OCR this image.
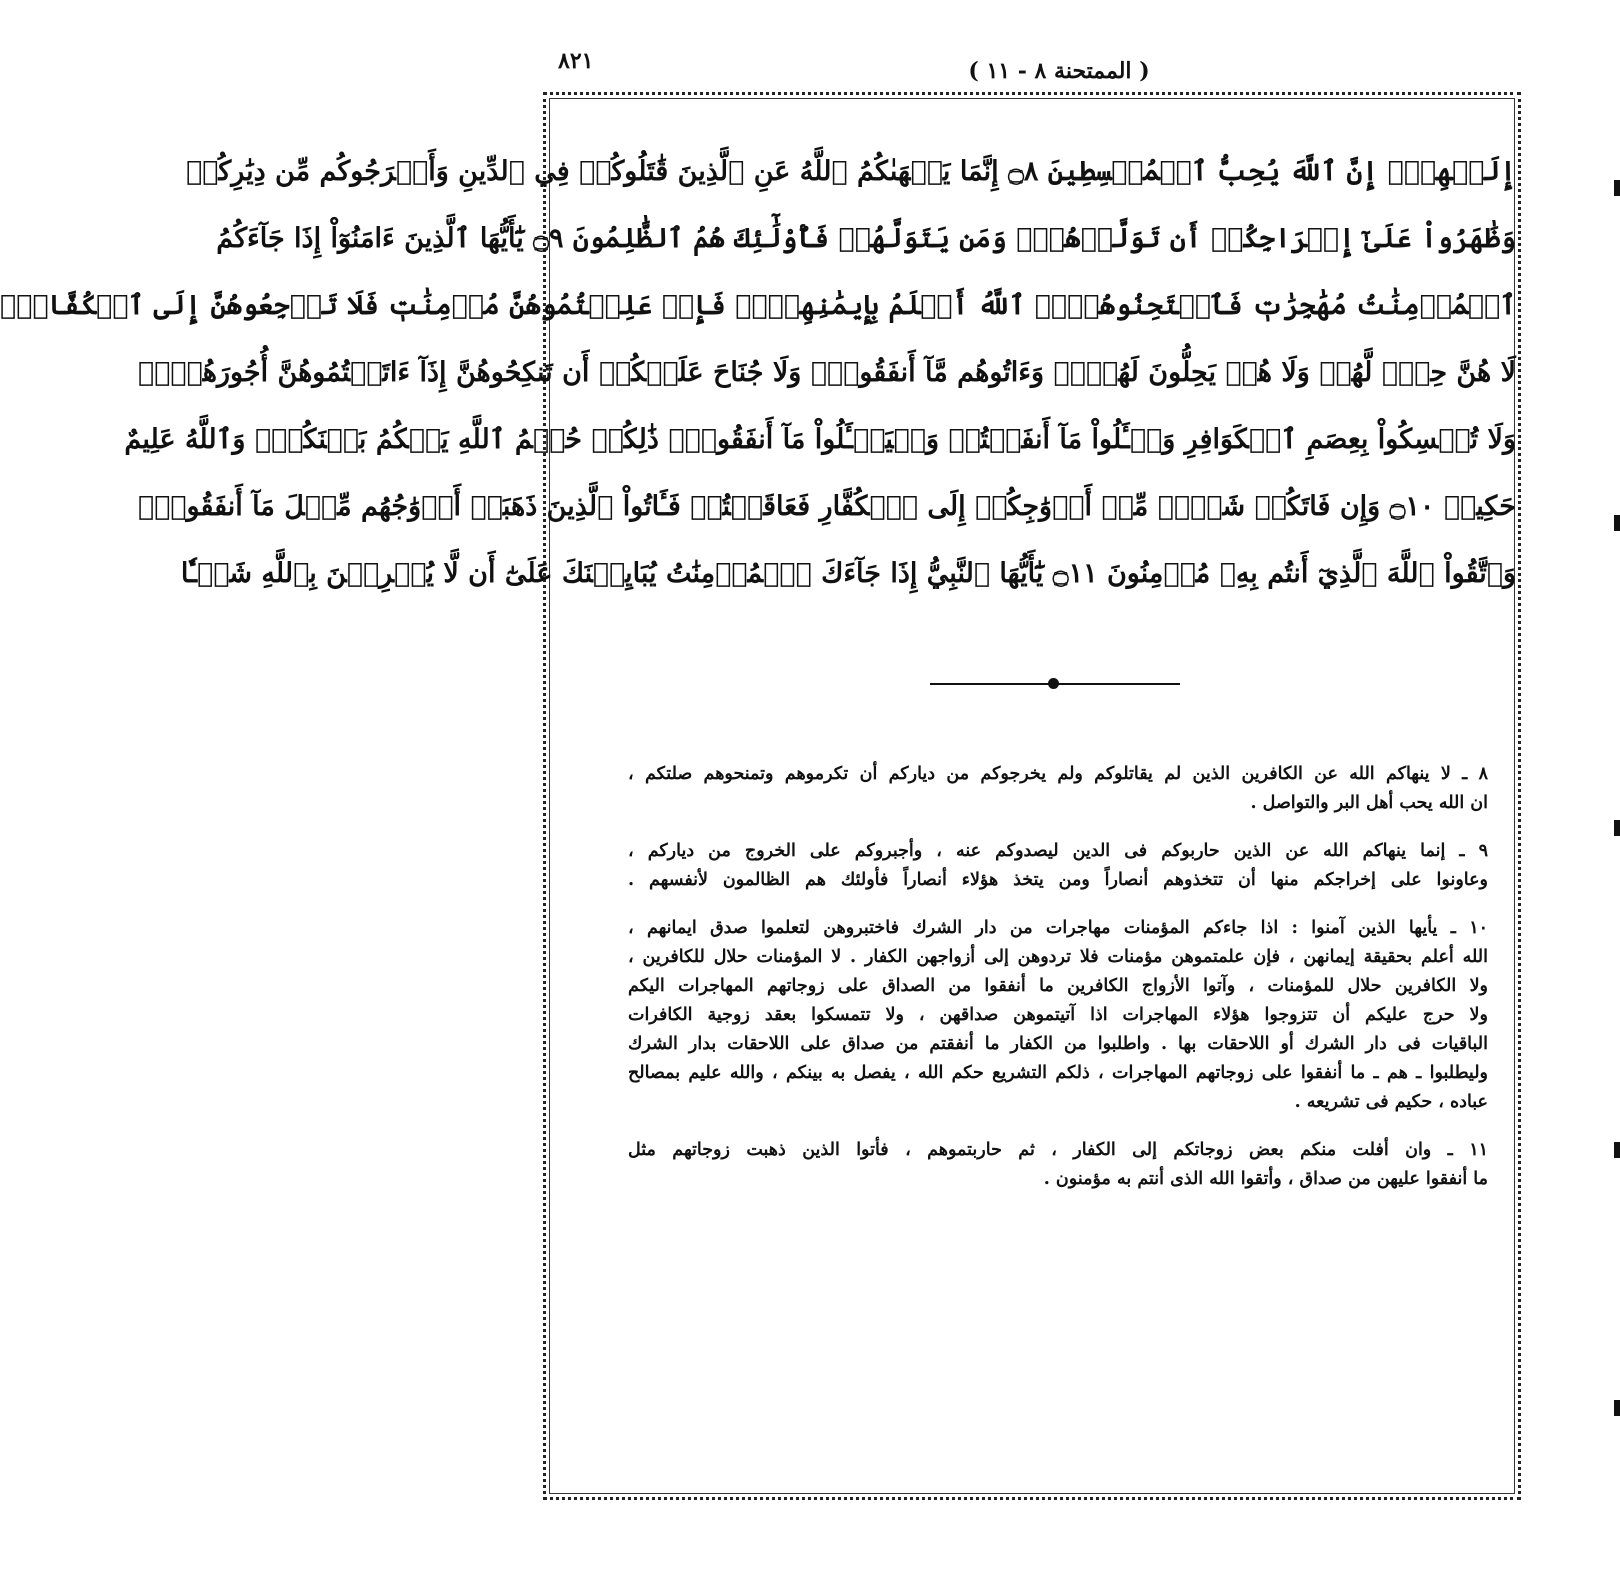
٨٢١	( الممتحنة ٨ - ١١ )
إِلَيۡهِمۡۚ إِنَّ ٱللَّهَ يُحِبُّ ٱلۡمُقۡسِطِينَ ۝٨ إِنَّمَا يَنۡهَىٰكُمُ ٱللَّهُ عَنِ ٱلَّذِينَ قَٰتَلُوكُمۡ فِي ٱلدِّينِ وَأَخۡرَجُوكُم مِّن دِيَٰرِكُمۡ
وَظَٰهَرُواْ عَلَىٰٓ إِخۡرَاجِكُمۡ أَن تَوَلَّوۡهُمۡۚ وَمَن يَتَوَلَّهُمۡ فَأُوْلَٰٓئِكَ هُمُ ٱلظَّٰلِمُونَ ۝٩ يَٰٓأَيُّهَا ٱلَّذِينَ ءَامَنُوٓاْ إِذَا جَآءَكُمُ
ٱلۡمُؤۡمِنَٰتُ مُهَٰجِرَٰتٖ فَٱمۡتَحِنُوهُنَّۖ ٱللَّهُ أَعۡلَمُ بِإِيمَٰنِهِنَّۖ فَإِنۡ عَلِمۡتُمُوهُنَّ مُؤۡمِنَٰتٖ فَلَا تَرۡجِعُوهُنَّ إِلَى ٱلۡكُفَّارِۖ
لَا هُنَّ حِلّٞ لَّهُمۡ وَلَا هُمۡ يَحِلُّونَ لَهُنَّۖ وَءَاتُوهُم مَّآ أَنفَقُواْۚ وَلَا جُنَاحَ عَلَيۡكُمۡ أَن تَنكِحُوهُنَّ إِذَآ ءَاتَيۡتُمُوهُنَّ أُجُورَهُنَّۚ
وَلَا تُمۡسِكُواْ بِعِصَمِ ٱلۡكَوَافِرِ وَسۡـَٔلُواْ مَآ أَنفَقۡتُمۡ وَلۡيَسۡـَٔلُواْ مَآ أَنفَقُواْۚ ذَٰلِكُمۡ حُكۡمُ ٱللَّهِ يَحۡكُمُ بَيۡنَكُمۡۖ وَٱللَّهُ عَلِيمٌ
حَكِيمٞ ۝١٠ وَإِن فَاتَكُمۡ شَيۡءٞ مِّنۡ أَزۡوَٰجِكُمۡ إِلَى ٱلۡكُفَّارِ فَعَاقَبۡتُمۡ فَـَٔاتُواْ ٱلَّذِينَ ذَهَبَتۡ أَزۡوَٰجُهُم مِّثۡلَ مَآ أَنفَقُواْۚ
وَٱتَّقُواْ ٱللَّهَ ٱلَّذِيٓ أَنتُم بِهِۦ مُؤۡمِنُونَ ۝١١ يَٰٓأَيُّهَا ٱلنَّبِيُّ إِذَا جَآءَكَ ٱلۡمُؤۡمِنَٰتُ يُبَايِعۡنَكَ عَلَىٰٓ أَن لَّا يُشۡرِكۡنَ بِٱللَّهِ شَيۡـٔٗا
٨ ـ لا ينهاكم الله عن الكافرين الذين لم يقاتلوكم ولم يخرجوكم من دياركم أن تكرموهم وتمنحوهم صلتكم ،
ان الله يحب أهل البر والتواصل .
٩ ـ إنما ينهاكم الله عن الذين حاربوكم فى الدين ليصدوكم عنه ، وأجبروكم على الخروج من دياركم ،
وعاونوا على إخراجكم منها أن تتخذوهم أنصاراً ومن يتخذ هؤلاء أنصاراً فأولئك هم الظالمون لأنفسهم .
١٠ ـ يأيها الذين آمنوا : اذا جاءكم المؤمنات مهاجرات من دار الشرك فاختبروهن لتعلموا صدق ايمانهم ،
الله أعلم بحقيقة إيمانهن ، فإن علمتموهن مؤمنات فلا تردوهن إلى أزواجهن الكفار . لا المؤمنات حلال للكافرين ،
ولا الكافرين حلال للمؤمنات ، وآتوا الأزواج الكافرين ما أنفقوا من الصداق على زوجاتهم المهاجرات اليكم
ولا حرج عليكم أن تتزوجوا هؤلاء المهاجرات اذا آتيتموهن صداقهن ، ولا تتمسكوا بعقد زوجية الكافرات
الباقيات فى دار الشرك أو اللاحقات بها . واطلبوا من الكفار ما أنفقتم من صداق على اللاحقات بدار الشرك
وليطلبوا ـ هم ـ ما أنفقوا على زوجاتهم المهاجرات ، ذلكم التشريع حكم الله ، يفصل به بينكم ، والله عليم بمصالح
عباده ، حكيم فى تشريعه .
١١ ـ وان أفلت منكم بعض زوجاتكم إلى الكفار ، ثم حاربتموهم ، فأتوا الذين ذهبت زوجاتهم مثل
ما أنفقوا عليهن من صداق ، وأتقوا الله الذى أنتم به مؤمنون .
